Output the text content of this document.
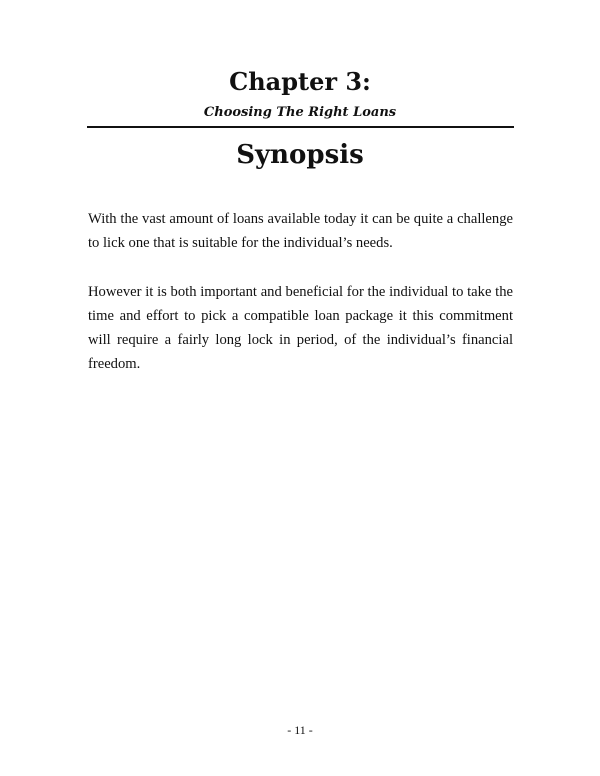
Chapter 3:

Choosing The Right Loans

Synopsis

With the vast amount of loans available today it can be quite a challenge to lick one that is suitable for the individual’s needs.

However it is both important and beneficial for the individual to take the time and effort to pick a compatible loan package it this commitment will require a fairly long lock in period, of the individual’s financial freedom.

- 11 -
